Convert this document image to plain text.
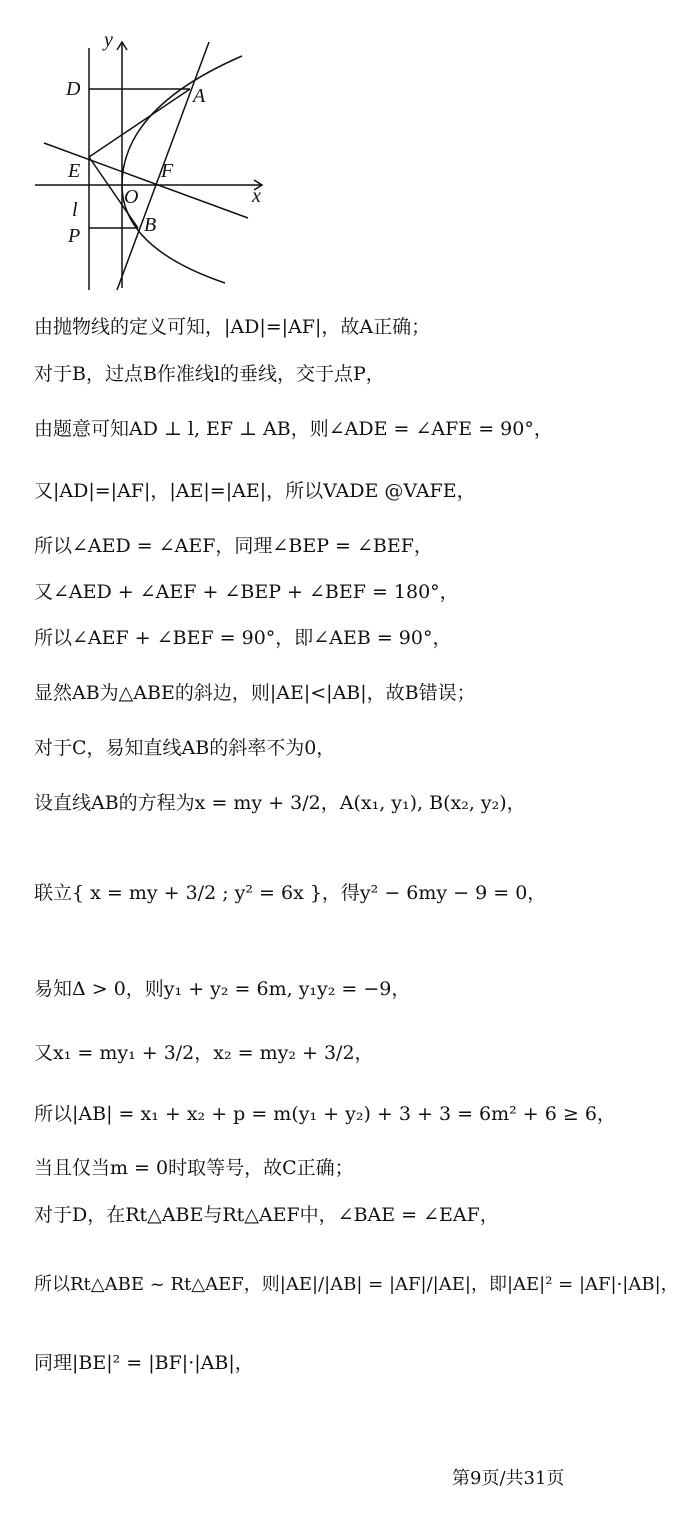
y
x
D	A
E	F
O
l
P	B
由抛物线的定义可知，|AD|=|AF|，故A正确；
对于B，过点B作准线l的垂线，交于点P，
由题意可知AD ⊥ l, EF ⊥ AB，则∠ADE = ∠AFE = 90°，
又|AD|=|AF|，|AE|=|AE|，所以VADE @VAFE，
所以∠AED = ∠AEF，同理∠BEP = ∠BEF，
又∠AED + ∠AEF + ∠BEP + ∠BEF = 180°，
所以∠AEF + ∠BEF = 90°，即∠AEB = 90°，
显然AB为△ABE的斜边，则|AE|<|AB|，故B错误；
对于C，易知直线AB的斜率不为0，
设直线AB的方程为x = my + 3/2，A(x₁, y₁), B(x₂, y₂)，
联立{ x = my + 3/2 ; y² = 6x }，得y² − 6my − 9 = 0，
易知Δ > 0，则y₁ + y₂ = 6m, y₁y₂ = −9，
又x₁ = my₁ + 3/2，x₂ = my₂ + 3/2，
所以|AB| = x₁ + x₂ + p = m(y₁ + y₂) + 3 + 3 = 6m² + 6 ≥ 6，
当且仅当m = 0时取等号，故C正确；
对于D，在Rt△ABE与Rt△AEF中，∠BAE = ∠EAF，
所以Rt△ABE ~ Rt△AEF，则|AE|/|AB| = |AF|/|AE|，即|AE|² = |AF|·|AB|，
同理|BE|² = |BF|·|AB|，
第9页/共31页
